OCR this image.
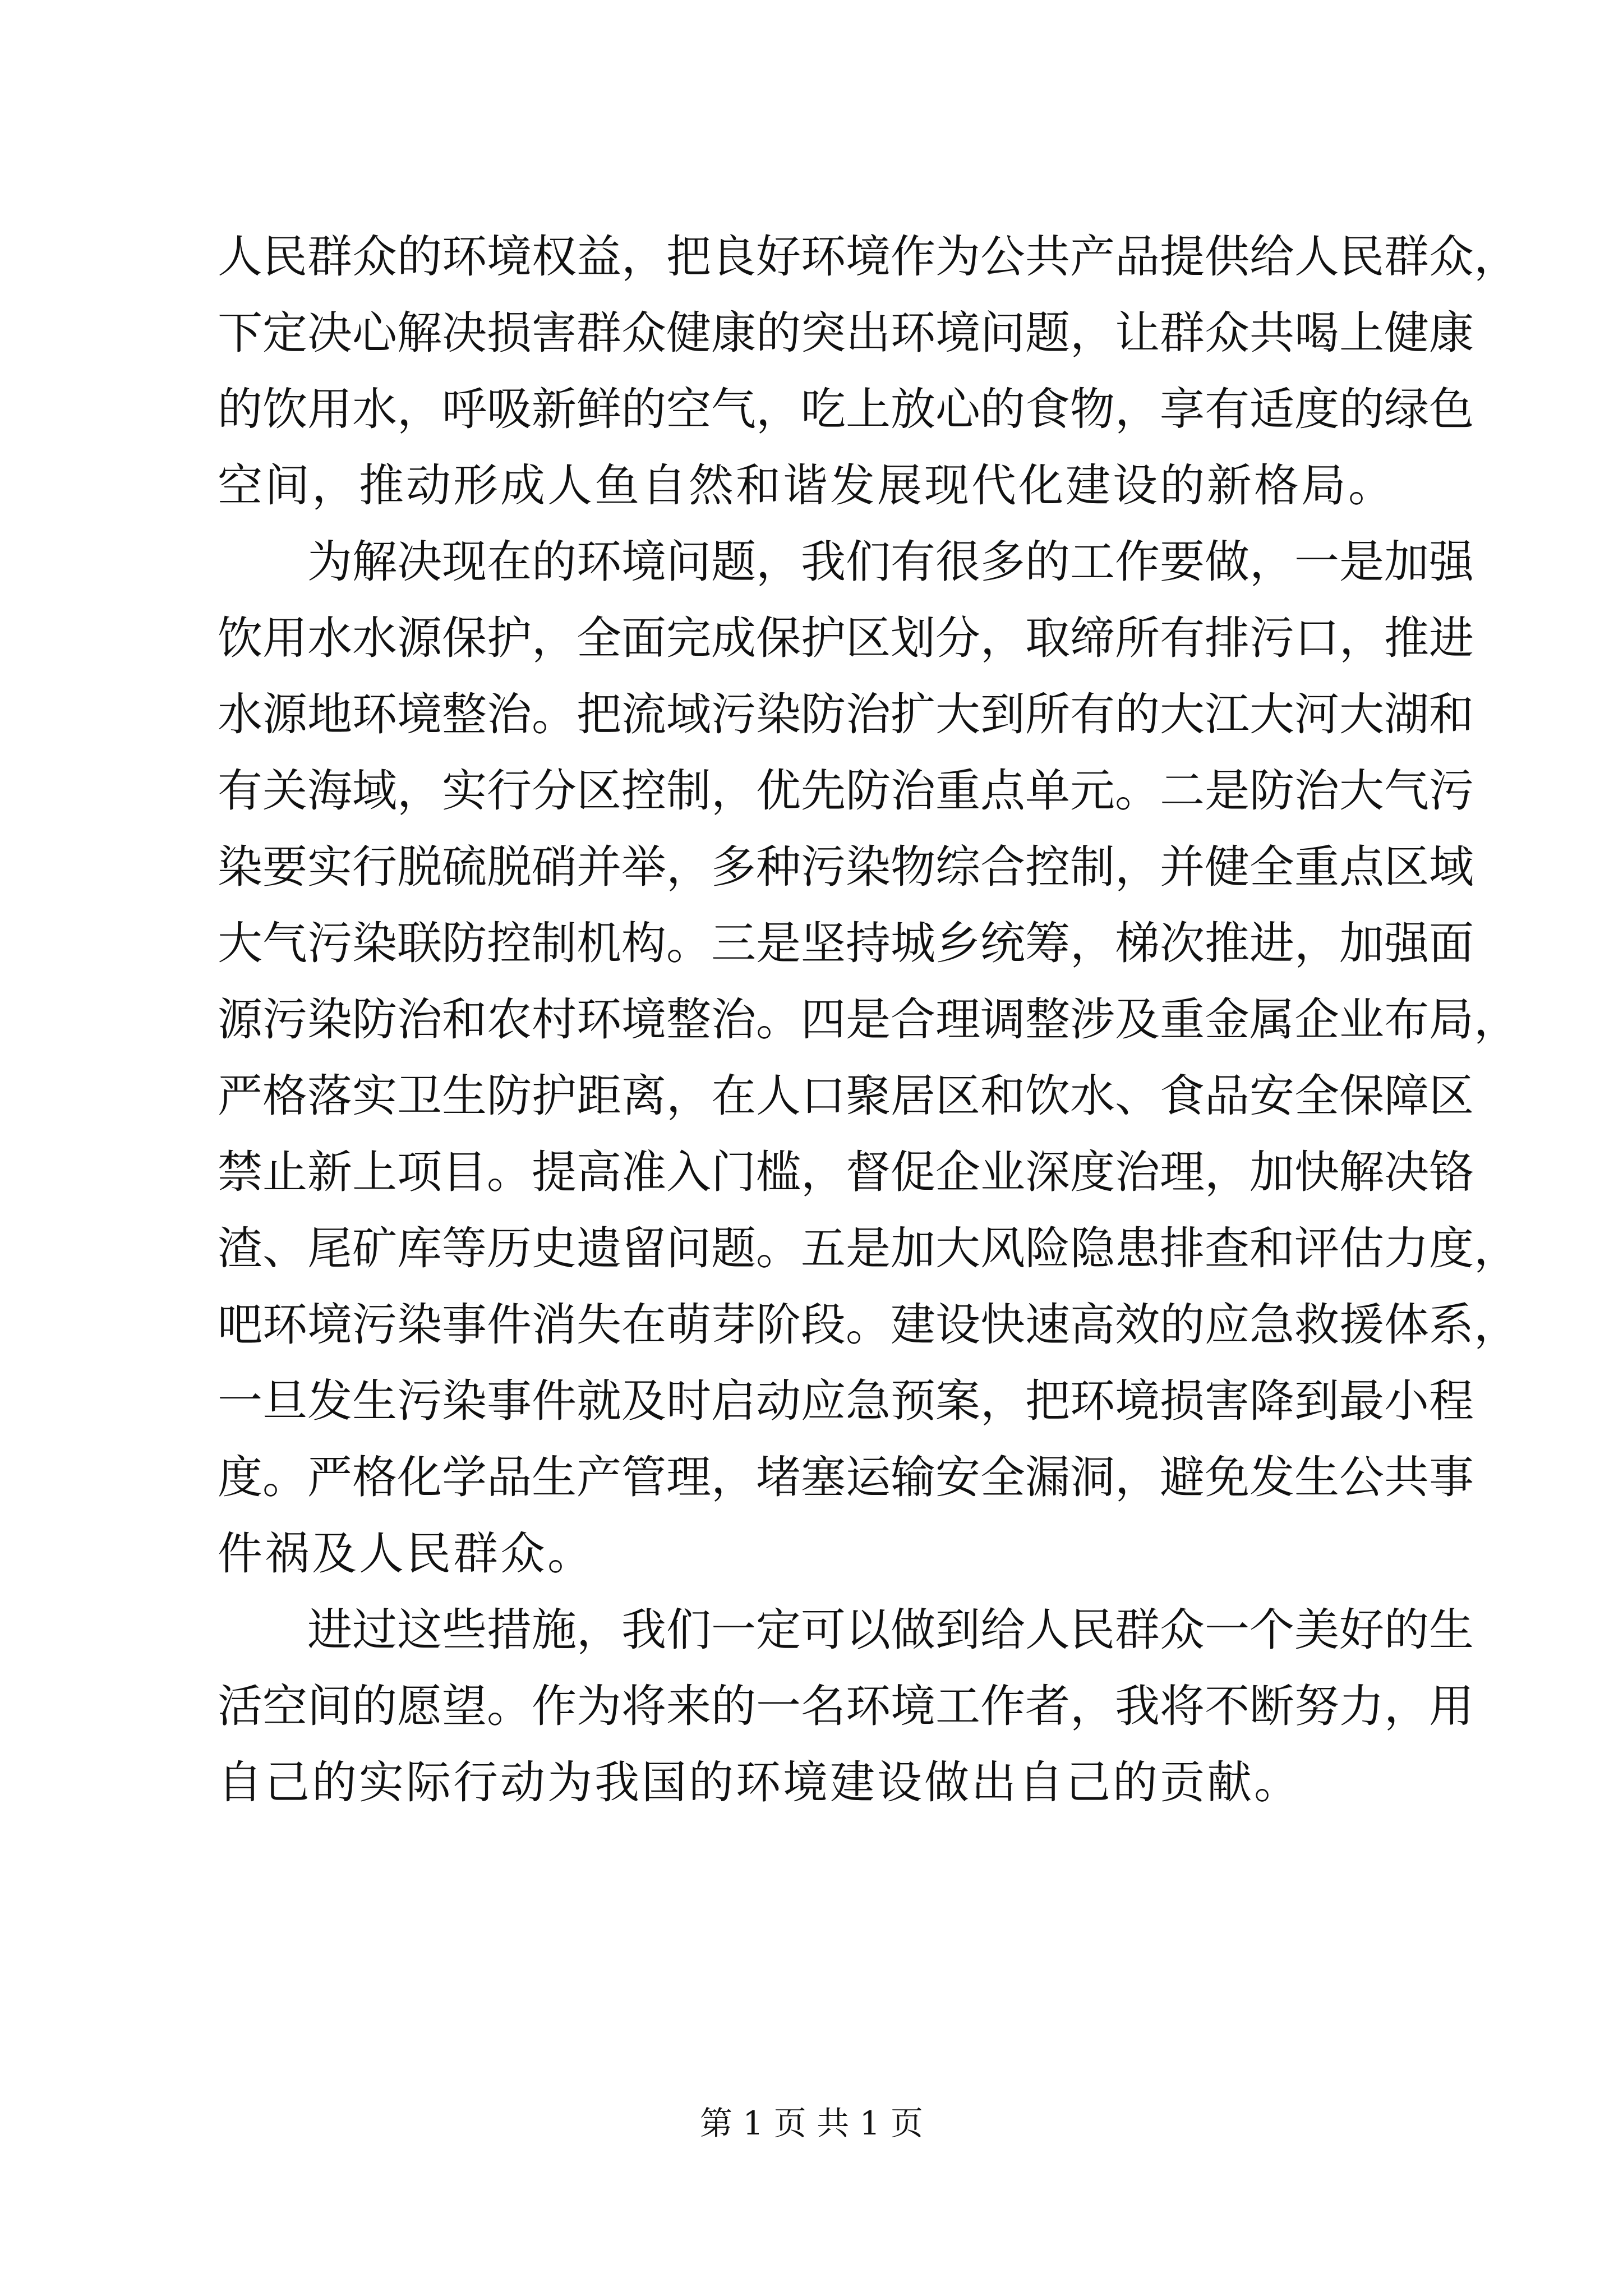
人民群众的环境权益，把良好环境作为公共产品提供给人民群众，
下定决心解决损害群众健康的突出环境问题，让群众共喝上健康
的饮用水，呼吸新鲜的空气，吃上放心的食物，享有适度的绿色
空间，推动形成人鱼自然和谐发展现代化建设的新格局。
　　为解决现在的环境问题，我们有很多的工作要做，一是加强
饮用水水源保护，全面完成保护区划分，取缔所有排污口，推进
水源地环境整治。把流域污染防治扩大到所有的大江大河大湖和
有关海域，实行分区控制，优先防治重点单元。二是防治大气污
染要实行脱硫脱硝并举，多种污染物综合控制，并健全重点区域
大气污染联防控制机构。三是坚持城乡统筹，梯次推进，加强面
源污染防治和农村环境整治。四是合理调整涉及重金属企业布局，
严格落实卫生防护距离，在人口聚居区和饮水、食品安全保障区
禁止新上项目。提高准入门槛，督促企业深度治理，加快解决铬
渣、尾矿库等历史遗留问题。五是加大风险隐患排查和评估力度，
吧环境污染事件消失在萌芽阶段。建设快速高效的应急救援体系，
一旦发生污染事件就及时启动应急预案，把环境损害降到最小程
度。严格化学品生产管理，堵塞运输安全漏洞，避免发生公共事
件祸及人民群众。
　　进过这些措施，我们一定可以做到给人民群众一个美好的生
活空间的愿望。作为将来的一名环境工作者，我将不断努力，用
自己的实际行动为我国的环境建设做出自己的贡献。
第 1 页 共 1 页
